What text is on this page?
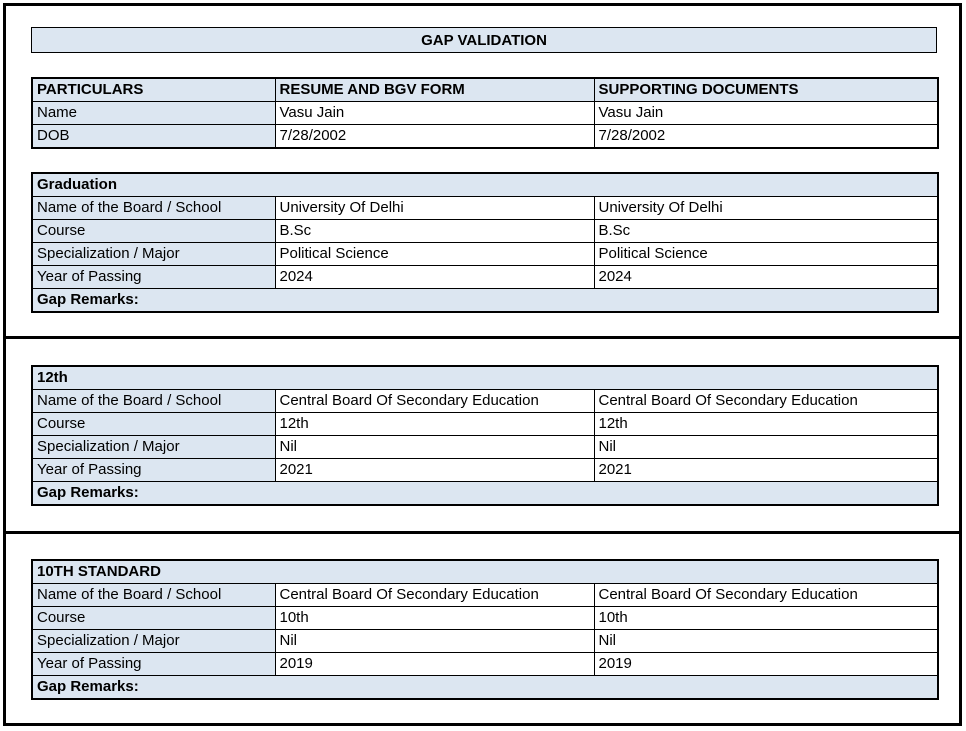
GAP VALIDATION
PARTICULARS	RESUME AND BGV FORM	SUPPORTING DOCUMENTS
Name	Vasu Jain	Vasu Jain
DOB	7/28/2002	7/28/2002
Graduation		
Name of the Board / School	University Of Delhi	University Of Delhi
Course	B.Sc	B.Sc
Specialization / Major	Political Science	Political Science
Year of Passing	2024	2024
Gap Remarks:		
12th		
Name of the Board / School	Central Board Of Secondary Education	Central Board Of Secondary Education
Course	12th	12th
Specialization / Major	Nil	Nil
Year of Passing	2021	2021
Gap Remarks:		
10TH STANDARD		
Name of the Board / School	Central Board Of Secondary Education	Central Board Of Secondary Education
Course	10th	10th
Specialization / Major	Nil	Nil
Year of Passing	2019	2019
Gap Remarks:		
